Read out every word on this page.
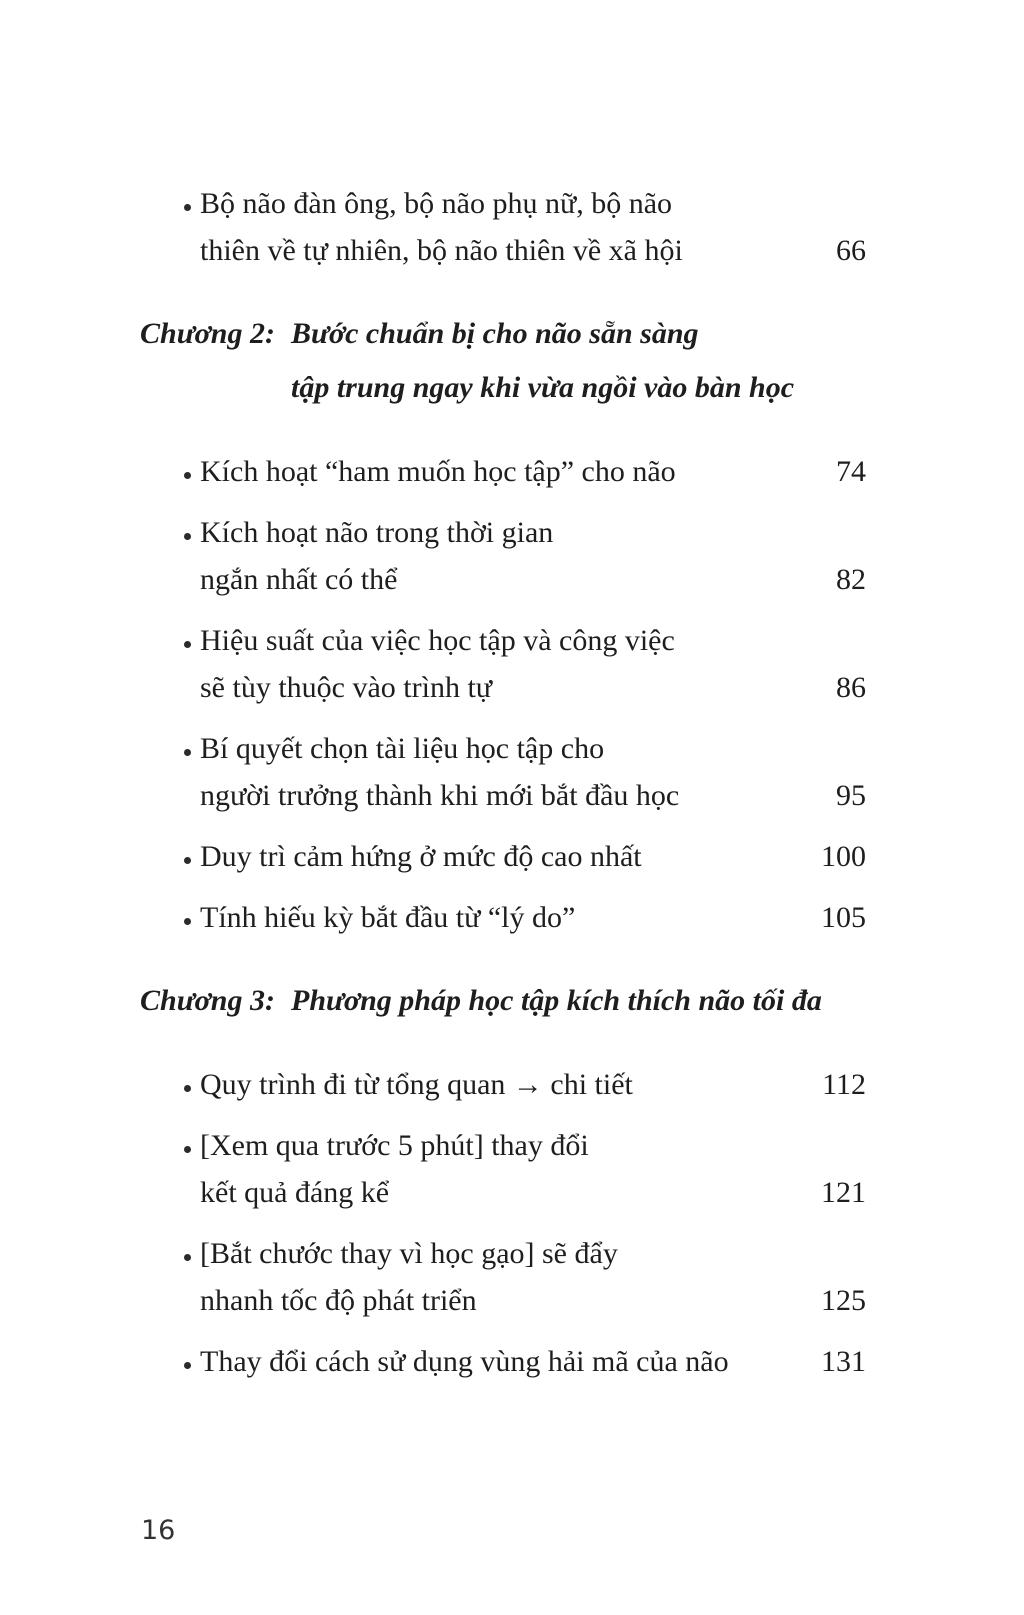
Bộ não đàn ông, bộ não phụ nữ, bộ não
thiên về tự nhiên, bộ não thiên về xã hội	66
Chương 2: Bước chuẩn bị cho não sẵn sàng
tập trung ngay khi vừa ngồi vào bàn học
Kích hoạt “ham muốn học tập” cho não	74
Kích hoạt não trong thời gian
ngắn nhất có thể	82
Hiệu suất của việc học tập và công việc
sẽ tùy thuộc vào trình tự	86
Bí quyết chọn tài liệu học tập cho
người trưởng thành khi mới bắt đầu học	95
Duy trì cảm hứng ở mức độ cao nhất	100
Tính hiếu kỳ bắt đầu từ “lý do”	105
Chương 3: Phương pháp học tập kích thích não tối đa
Quy trình đi từ tổng quan → chi tiết	112
[Xem qua trước 5 phút] thay đổi
kết quả đáng kể	121
[Bắt chước thay vì học gạo] sẽ đẩy
nhanh tốc độ phát triển	125
Thay đổi cách sử dụng vùng hải mã của não	131
16
